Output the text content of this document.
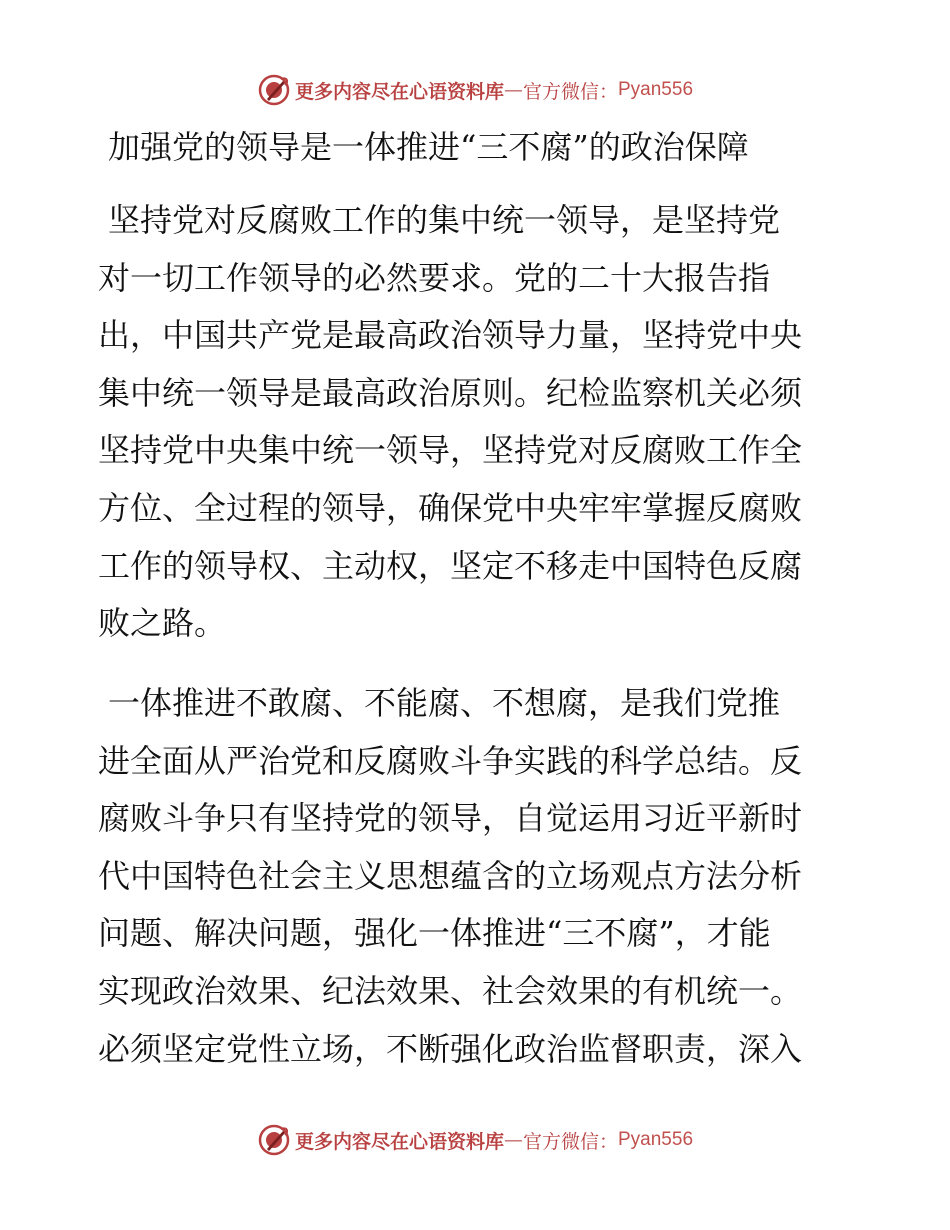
更多内容尽在心语资料库 — 官方微信： Pyan556
加强党的领导是一体推进“三不腐”的政治保障
坚持党对反腐败工作的集中统一领导，是坚持党
对一切工作领导的必然要求。党的二十大报告指
出，中国共产党是最高政治领导力量，坚持党中央
集中统一领导是最高政治原则。纪检监察机关必须
坚持党中央集中统一领导，坚持党对反腐败工作全
方位、全过程的领导，确保党中央牢牢掌握反腐败
工作的领导权、主动权，坚定不移走中国特色反腐
败之路。
一体推进不敢腐、不能腐、不想腐，是我们党推
进全面从严治党和反腐败斗争实践的科学总结。反
腐败斗争只有坚持党的领导，自觉运用习近平新时
代中国特色社会主义思想蕴含的立场观点方法分析
问题、解决问题，强化一体推进“三不腐”，才能
实现政治效果、纪法效果、社会效果的有机统一。
必须坚定党性立场，不断强化政治监督职责，深入
更多内容尽在心语资料库 — 官方微信： Pyan556
